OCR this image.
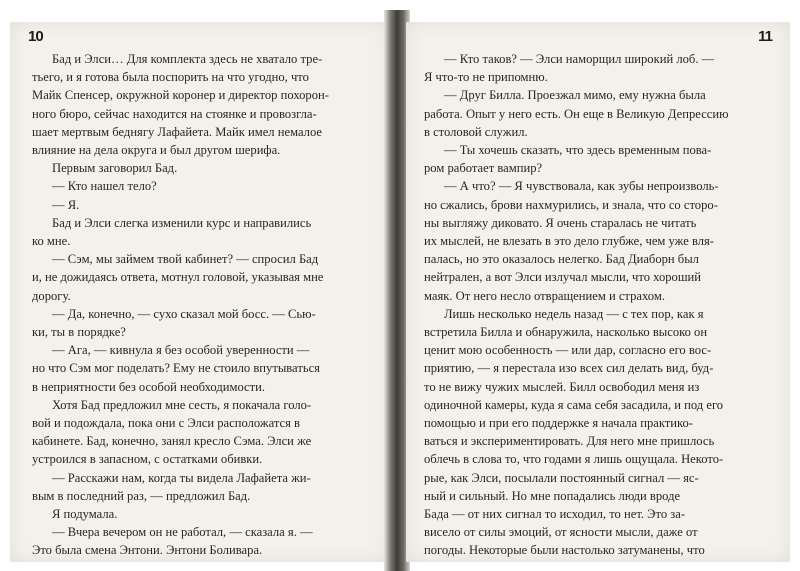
10
Бад и Элси… Для комплекта здесь не хватало тре-
тьего, и я готова была поспорить на что угодно, что
Майк Спенсер, окружной коронер и директор похорон-
ного бюро, сейчас находится на стоянке и провозгла-
шает мертвым беднягу Лафайета. Майк имел немалое
влияние на дела округа и был другом шерифа.
Первым заговорил Бад.
— Кто нашел тело?
— Я.
Бад и Элси слегка изменили курс и направились
ко мне.
— Сэм, мы займем твой кабинет? — спросил Бад
и, не дожидаясь ответа, мотнул головой, указывая мне
дорогу.
— Да, конечно, — сухо сказал мой босс. — Сью-
ки, ты в порядке?
— Ага, — кивнула я без особой уверенности —
но что Сэм мог поделать? Ему не стоило впутываться
в неприятности без особой необходимости.
Хотя Бад предложил мне сесть, я покачала голо-
вой и подождала, пока они с Элси расположатся в
кабинете. Бад, конечно, занял кресло Сэма. Элси же
устроился в запасном, с остатками обивки.
— Расскажи нам, когда ты видела Лафайета жи-
вым в последний раз, — предложил Бад.
Я подумала.
— Вчера вечером он не работал, — сказала я. —
Это была смена Энтони. Энтони Боливара.
11
— Кто таков? — Элси наморщил широкий лоб. —
Я что-то не припомню.
— Друг Билла. Проезжал мимо, ему нужна была
работа. Опыт у него есть. Он еще в Великую Депрессию
в столовой служил.
— Ты хочешь сказать, что здесь временным пова-
ром работает вампир?
— А что? — Я чувствовала, как зубы непроизволь-
но сжались, брови нахмурились, и знала, что со сторо-
ны выгляжу диковато. Я очень старалась не читать
их мыслей, не влезать в это дело глубже, чем уже вля-
палась, но это оказалось нелегко. Бад Диаборн был
нейтрален, а вот Элси излучал мысли, что хороший
маяк. От него несло отвращением и страхом.
Лишь несколько недель назад — с тех пор, как я
встретила Билла и обнаружила, насколько высоко он
ценит мою особенность — или дар, согласно его вос-
приятию, — я перестала изо всех сил делать вид, буд-
то не вижу чужих мыслей. Билл освободил меня из
одиночной камеры, куда я сама себя засадила, и под его
помощью и при его поддержке я начала практико-
ваться и экспериментировать. Для него мне пришлось
облечь в слова то, что годами я лишь ощущала. Некото-
рые, как Элси, посылали постоянный сигнал — яс-
ный и сильный. Но мне попадались люди вроде
Бада — от них сигнал то исходил, то нет. Это за-
висело от силы эмоций, от ясности мысли, даже от
погоды. Некоторые были настолько затуманены, что
